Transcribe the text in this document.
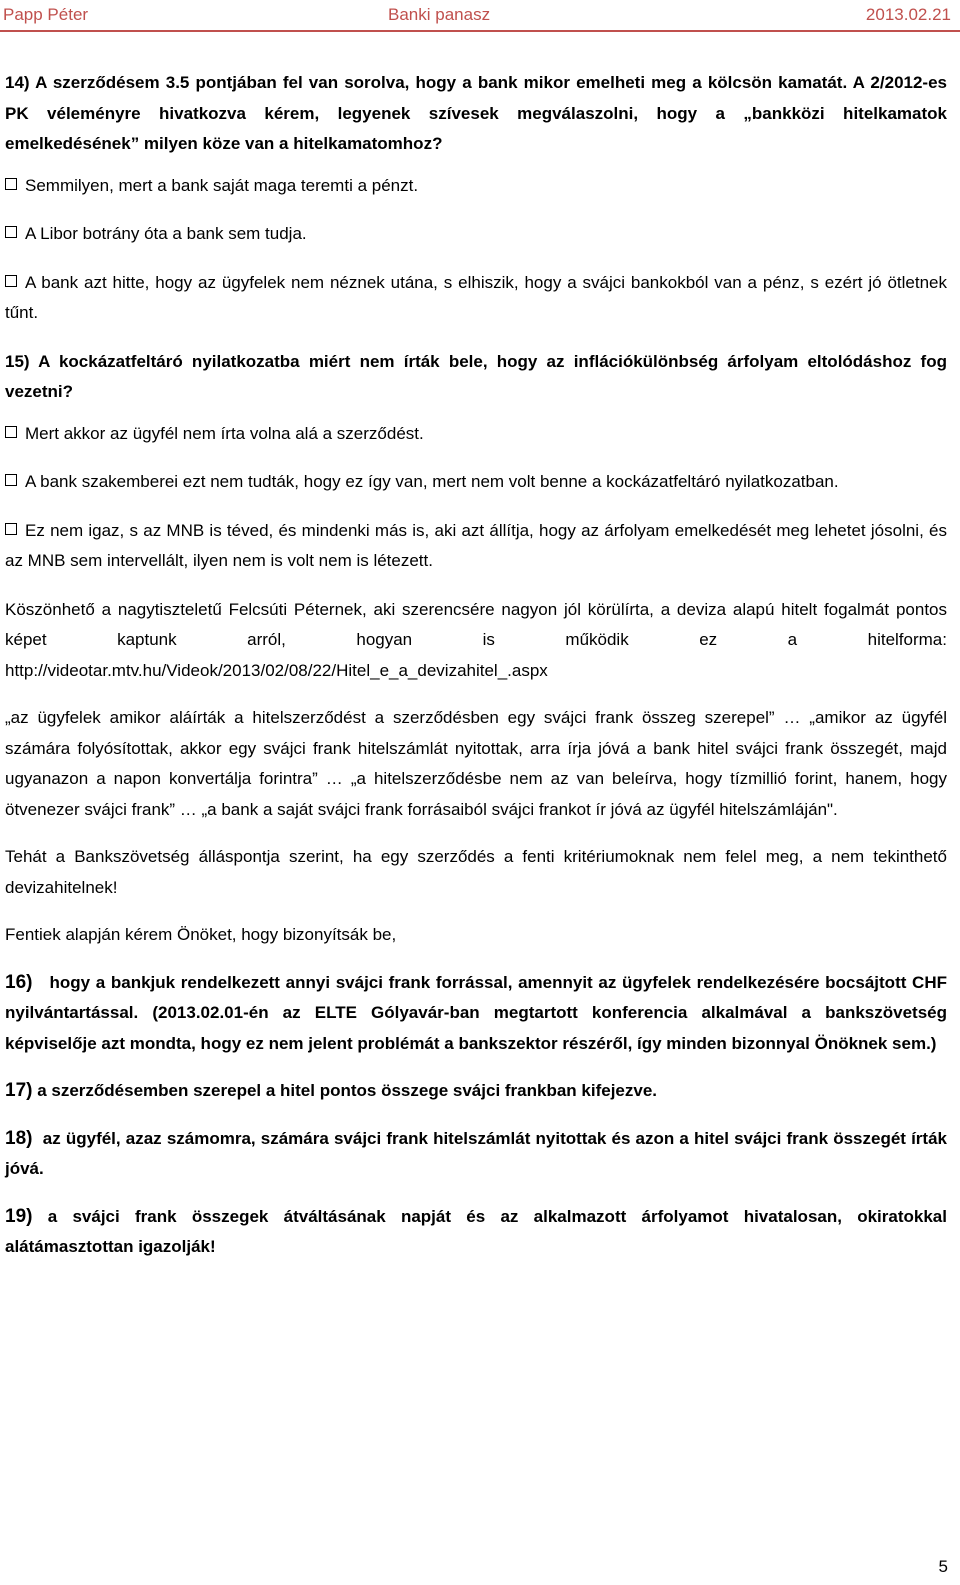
Papp Péter	Banki panasz	2013.02.21

14) A szerződésem 3.5 pontjában fel van sorolva, hogy a bank mikor emelheti meg a kölcsön kamatát. A 2/2012-es PK véleményre hivatkozva kérem, legyenek szívesek megválaszolni, hogy a „bankközi hitelkamatok emelkedésének” milyen köze van a hitelkamatomhoz?

Semmilyen, mert a bank saját maga teremti a pénzt.

A Libor botrány óta a bank sem tudja.

A bank azt hitte, hogy az ügyfelek nem néznek utána, s elhiszik, hogy a svájci bankokból van a pénz, s ezért jó ötletnek tűnt.

15) A kockázatfeltáró nyilatkozatba miért nem írták bele, hogy az inflációkülönbség árfolyam eltolódáshoz fog vezetni?

Mert akkor az ügyfél nem írta volna alá a szerződést.

A bank szakemberei ezt nem tudták, hogy ez így van, mert nem volt benne a kockázatfeltáró nyilatkozatban.

Ez nem igaz, s az MNB is téved, és mindenki más is, aki azt állítja, hogy az árfolyam emelkedését meg lehetet jósolni, és az MNB sem intervellált, ilyen nem is volt nem is létezett.

Köszönhető a nagytiszteletű Felcsúti Péternek, aki szerencsére nagyon jól körülírta, a deviza alapú hitelt fogalmát pontos képet kaptunk arról, hogyan is működik ez a hitelforma: http://videotar.mtv.hu/Videok/2013/02/08/22/Hitel_e_a_devizahitel_.aspx

„az ügyfelek amikor aláírták a hitelszerződést a szerződésben egy svájci frank összeg szerepel” … „amikor az ügyfél számára folyósítottak, akkor egy svájci frank hitelszámlát nyitottak, arra írja jóvá a bank hitel svájci frank összegét, majd ugyanazon a napon konvertálja forintra” … „a hitelszerződésbe nem az van beleírva, hogy tízmillió forint, hanem, hogy ötvenezer svájci frank” … „a bank a saját svájci frank forrásaiból svájci frankot ír jóvá az ügyfél hitelszámláján".

Tehát a Bankszövetség álláspontja szerint, ha egy szerződés a fenti kritériumoknak nem felel meg, a nem tekinthető devizahitelnek!

Fentiek alapján kérem Önöket, hogy bizonyítsák be,

16) hogy a bankjuk rendelkezett annyi svájci frank forrással, amennyit az ügyfelek rendelkezésére bocsájtott CHF nyilvántartással. (2013.02.01-én az ELTE Gólyavár-ban megtartott konferencia alkalmával a bankszövetség képviselője azt mondta, hogy ez nem jelent problémát a bankszektor részéről, így minden bizonnyal Önöknek sem.)

17) a szerződésemben szerepel a hitel pontos összege svájci frankban kifejezve.

18) az ügyfél, azaz számomra, számára svájci frank hitelszámlát nyitottak és azon a hitel svájci frank összegét írták jóvá.

19) a svájci frank összegek átváltásának napját és az alkalmazott árfolyamot hivatalosan, okiratokkal alátámasztottan igazolják!

5
